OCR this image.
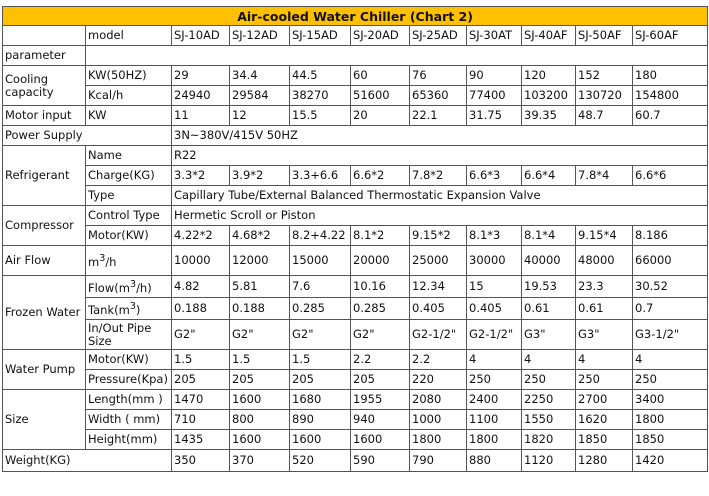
Air-cooled Water Chiller (Chart 2)										
	model	SJ-10AD	SJ-12AD	SJ-15AD	SJ-20AD	SJ-25AD	SJ-30AT	SJ-40AF	SJ-50AF	SJ-60AF
parameter										
Cooling capacity	KW(50HZ)	29	34.4	44.5	60	76	90	120	152	180
	Kcal/h	24940	29584	38270	51600	65360	77400	103200	130720	154800
Motor input	KW	11	12	15.5	20	22.1	31.75	39.35	48.7	60.7
Power Supply		3N~380V/415V 50HZ								
Refrigerant	Name	R22								
	Charge(KG)	3.3*2	3.9*2	3.3+6.6	6.6*2	7.8*2	6.6*3	6.6*4	7.8*4	6.6*6
	Type	Capillary Tube/External Balanced Thermostatic Expansion Valve								
Compressor	Control Type	Hermetic Scroll or Piston								
	Motor(KW)	4.22*2	4.68*2	8.2+4.22	8.1*2	9.15*2	8.1*3	8.1*4	9.15*4	8.186
Air Flow	$m^3/h$	10000	12000	15000	20000	25000	30000	40000	48000	66000
Frozen Water	$Flow(m^3/h)$	4.82	5.81	7.6	10.16	12.34	15	19.53	23.3	30.52
	$Tank(m^3)$	0.188	0.188	0.285	0.285	0.405	0.405	0.61	0.61	0.7
	In/Out Pipe Size	G2"	G2"	G2"	G2"	G2-1/2"	G2-1/2"	G3"	G3"	G3-1/2"
Water Pump	Motor(KW)	1.5	1.5	1.5	2.2	2.2	4	4	4	4
	Pressure(Kpa)	205	205	205	205	220	250	250	250	250
Size	Length(mm )	1470	1600	1680	1955	2080	2400	2250	2700	3400
	Width ( mm)	710	800	890	940	1000	1100	1550	1620	1800
	Height(mm)	1435	1600	1600	1600	1800	1800	1820	1850	1850
Weight(KG)		350	370	520	590	790	880	1120	1280	1420
